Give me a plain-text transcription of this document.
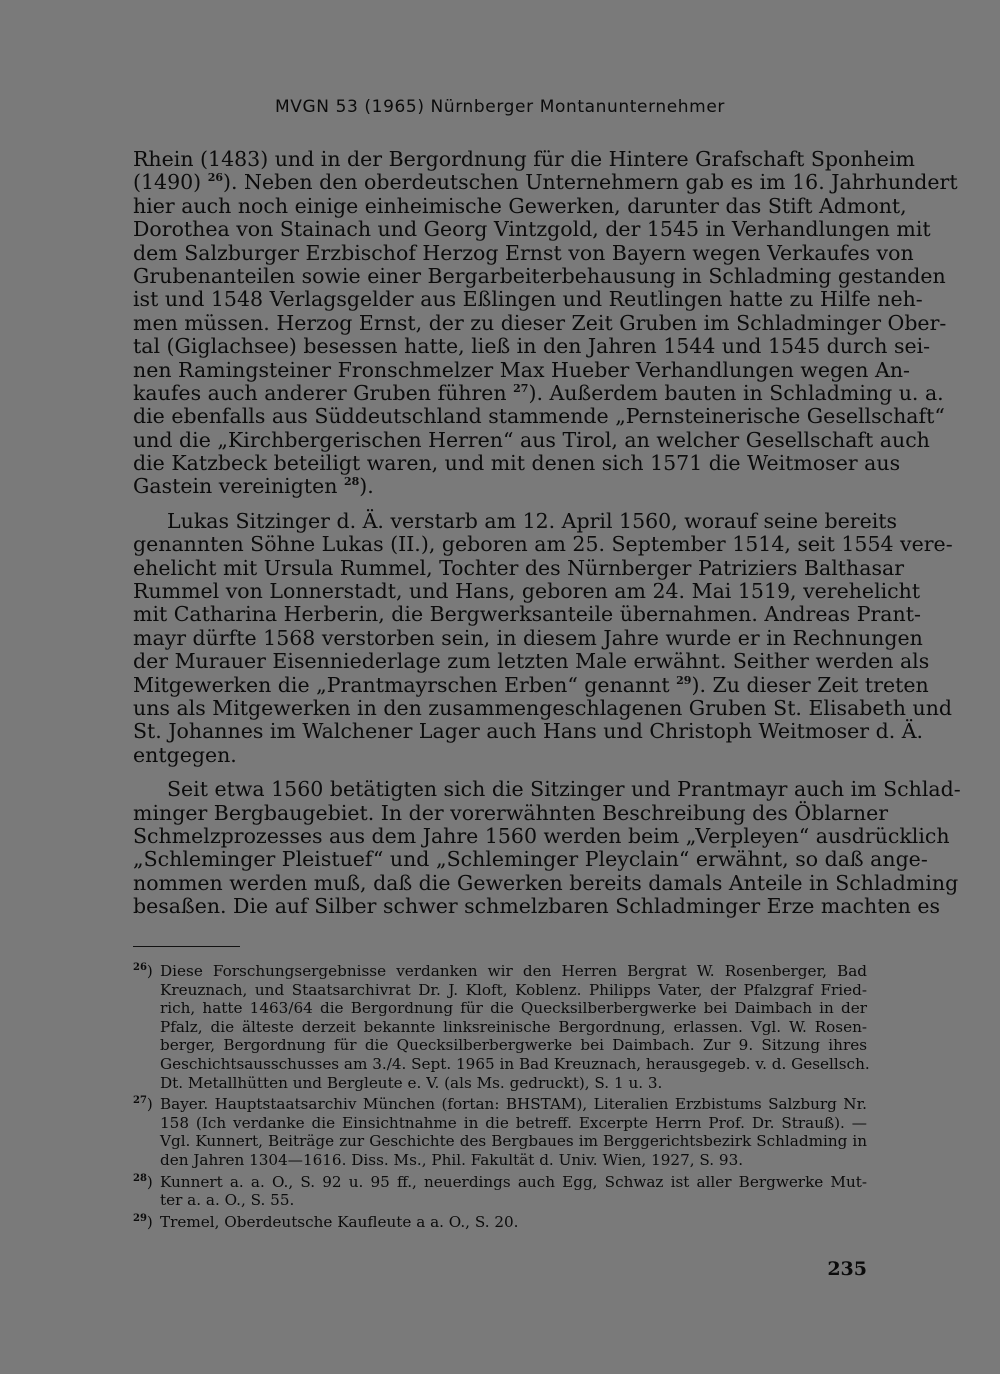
MVGN 53 (1965) Nürnberger Montanunternehmer
Rhein (1483) und in der Bergordnung für die Hintere Grafschaft Sponheim
(1490) $^{26}$). Neben den oberdeutschen Unternehmern gab es im 16. Jahrhundert
hier auch noch einige einheimische Gewerken, darunter das Stift Admont,
Dorothea von Stainach und Georg Vintzgold, der 1545 in Verhandlungen mit
dem Salzburger Erzbischof Herzog Ernst von Bayern wegen Verkaufes von
Grubenanteilen sowie einer Bergarbeiterbehausung in Schladming gestanden
ist und 1548 Verlagsgelder aus Eßlingen und Reutlingen hatte zu Hilfe neh-
men müssen. Herzog Ernst, der zu dieser Zeit Gruben im Schladminger Ober-
tal (Giglachsee) besessen hatte, ließ in den Jahren 1544 und 1545 durch sei-
nen Ramingsteiner Fronschmelzer Max Hueber Verhandlungen wegen An-
kaufes auch anderer Gruben führen $^{27}$). Außerdem bauten in Schladming u. a.
die ebenfalls aus Süddeutschland stammende „Pernsteinerische Gesellschaft“
und die „Kirchbergerischen Herren“ aus Tirol, an welcher Gesellschaft auch
die Katzbeck beteiligt waren, und mit denen sich 1571 die Weitmoser aus
Gastein vereinigten $^{28}$).
Lukas Sitzinger d. Ä. verstarb am 12. April 1560, worauf seine bereits
genannten Söhne Lukas (II.), geboren am 25. September 1514, seit 1554 vere-
ehelicht mit Ursula Rummel, Tochter des Nürnberger Patriziers Balthasar
Rummel von Lonnerstadt, und Hans, geboren am 24. Mai 1519, verehelicht
mit Catharina Herberin, die Bergwerksanteile übernahmen. Andreas Prant-
mayr dürfte 1568 verstorben sein, in diesem Jahre wurde er in Rechnungen
der Murauer Eisenniederlage zum letzten Male erwähnt. Seither werden als
Mitgewerken die „Prantmayrschen Erben“ genannt $^{29}$). Zu dieser Zeit treten
uns als Mitgewerken in den zusammengeschlagenen Gruben St. Elisabeth und
St. Johannes im Walchener Lager auch Hans und Christoph Weitmoser d. Ä.
entgegen.
Seit etwa 1560 betätigten sich die Sitzinger und Prantmayr auch im Schlad-
minger Bergbaugebiet. In der vorerwähnten Beschreibung des Öblarner
Schmelzprozesses aus dem Jahre 1560 werden beim „Verpleyen“ ausdrücklich
„Schleminger Pleistuef“ und „Schleminger Pleyclain“ erwähnt, so daß ange-
nommen werden muß, daß die Gewerken bereits damals Anteile in Schladming
besaßen. Die auf Silber schwer schmelzbaren Schladminger Erze machten es
$^{26}$) Diese Forschungsergebnisse verdanken wir den Herren Bergrat W. Rosenberger, Bad
Kreuznach, und Staatsarchivrat Dr. J. Kloft, Koblenz. Philipps Vater, der Pfalzgraf Fried-
rich, hatte 1463/64 die Bergordnung für die Quecksilberbergwerke bei Daimbach in der
Pfalz, die älteste derzeit bekannte linksreinische Bergordnung, erlassen. Vgl. W. Rosen-
berger, Bergordnung für die Quecksilberbergwerke bei Daimbach. Zur 9. Sitzung ihres
Geschichtsausschusses am 3./4. Sept. 1965 in Bad Kreuznach, herausgegeb. v. d. Gesellsch.
Dt. Metallhütten und Bergleute e. V. (als Ms. gedruckt), S. 1 u. 3.
$^{27}$) Bayer. Hauptstaatsarchiv München (fortan: BHSTAM), Literalien Erzbistums Salzburg Nr.
158 (Ich verdanke die Einsichtnahme in die betreff. Excerpte Herrn Prof. Dr. Strauß). —
Vgl. Kunnert, Beiträge zur Geschichte des Bergbaues im Berggerichtsbezirk Schladming in
den Jahren 1304—1616. Diss. Ms., Phil. Fakultät d. Univ. Wien, 1927, S. 93.
$^{28}$) Kunnert a. a. O., S. 92 u. 95 ff., neuerdings auch Egg, Schwaz ist aller Bergwerke Mut-
ter a. a. O., S. 55.
$^{29}$) Tremel, Oberdeutsche Kaufleute a a. O., S. 20.
235
